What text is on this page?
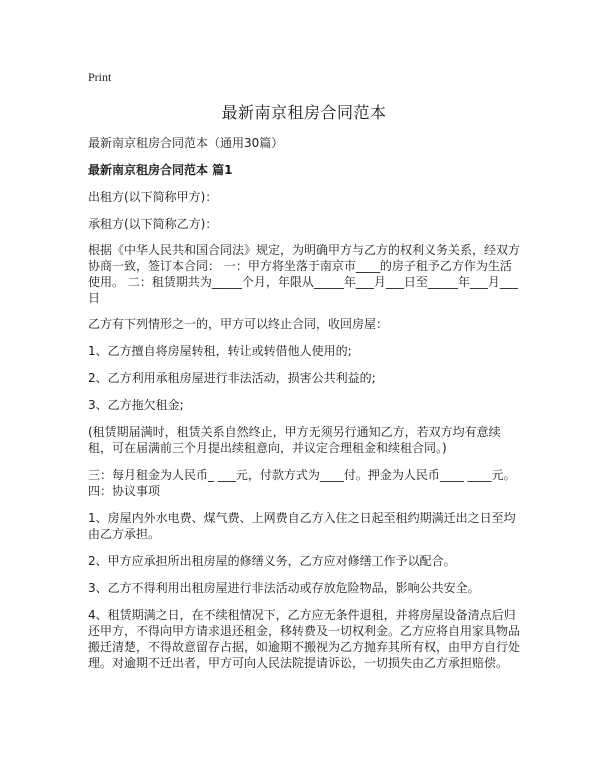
Print
最新南京租房合同范本

最新南京租房合同范本（通用30篇）

最新南京租房合同范本 篇1

出租方(以下简称甲方)：

承租方(以下简称乙方)：

根据《中华人民共和国合同法》规定，为明确甲方与乙方的权利义务关系，经双方协商一致，签订本合同： 一：甲方将坐落于南京市____的房子租予乙方作为生活使用。 二：租赁期共为_____个月，年限从_____年___月___日至_____年___月___日

乙方有下列情形之一的，甲方可以终止合同，收回房屋：

1、乙方擅自将房屋转租，转让或转借他人使用的;

2、乙方利用承租房屋进行非法活动，损害公共利益的;

3、乙方拖欠租金;

(租赁期届满时，租赁关系自然终止，甲方无须另行通知乙方，若双方均有意续租，可在届满前三个月提出续租意向，并议定合理租金和续租合同。)

三：每月租金为人民币_ ___元，付款方式为____付。押金为人民币____ ____元。 四：协议事项

1、房屋内外水电费、煤气费、上网费自乙方入住之日起至租约期满迁出之日至均由乙方承担。

2、甲方应承担所出租房屋的修缮义务，乙方应对修缮工作予以配合。

3、乙方不得利用出租房屋进行非法活动或存放危险物品，影响公共安全。

4、租赁期满之日，在不续租情况下，乙方应无条件退租，并将房屋设备清点后归还甲方，不得向甲方请求退还租金，移转费及一切权利金。乙方应将自用家具物品搬迁清楚，不得故意留存占据，如逾期不搬视为乙方抛弃其所有权，由甲方自行处理。对逾期不迁出者，甲方可向人民法院提请诉讼，一切损失由乙方承担赔偿。
